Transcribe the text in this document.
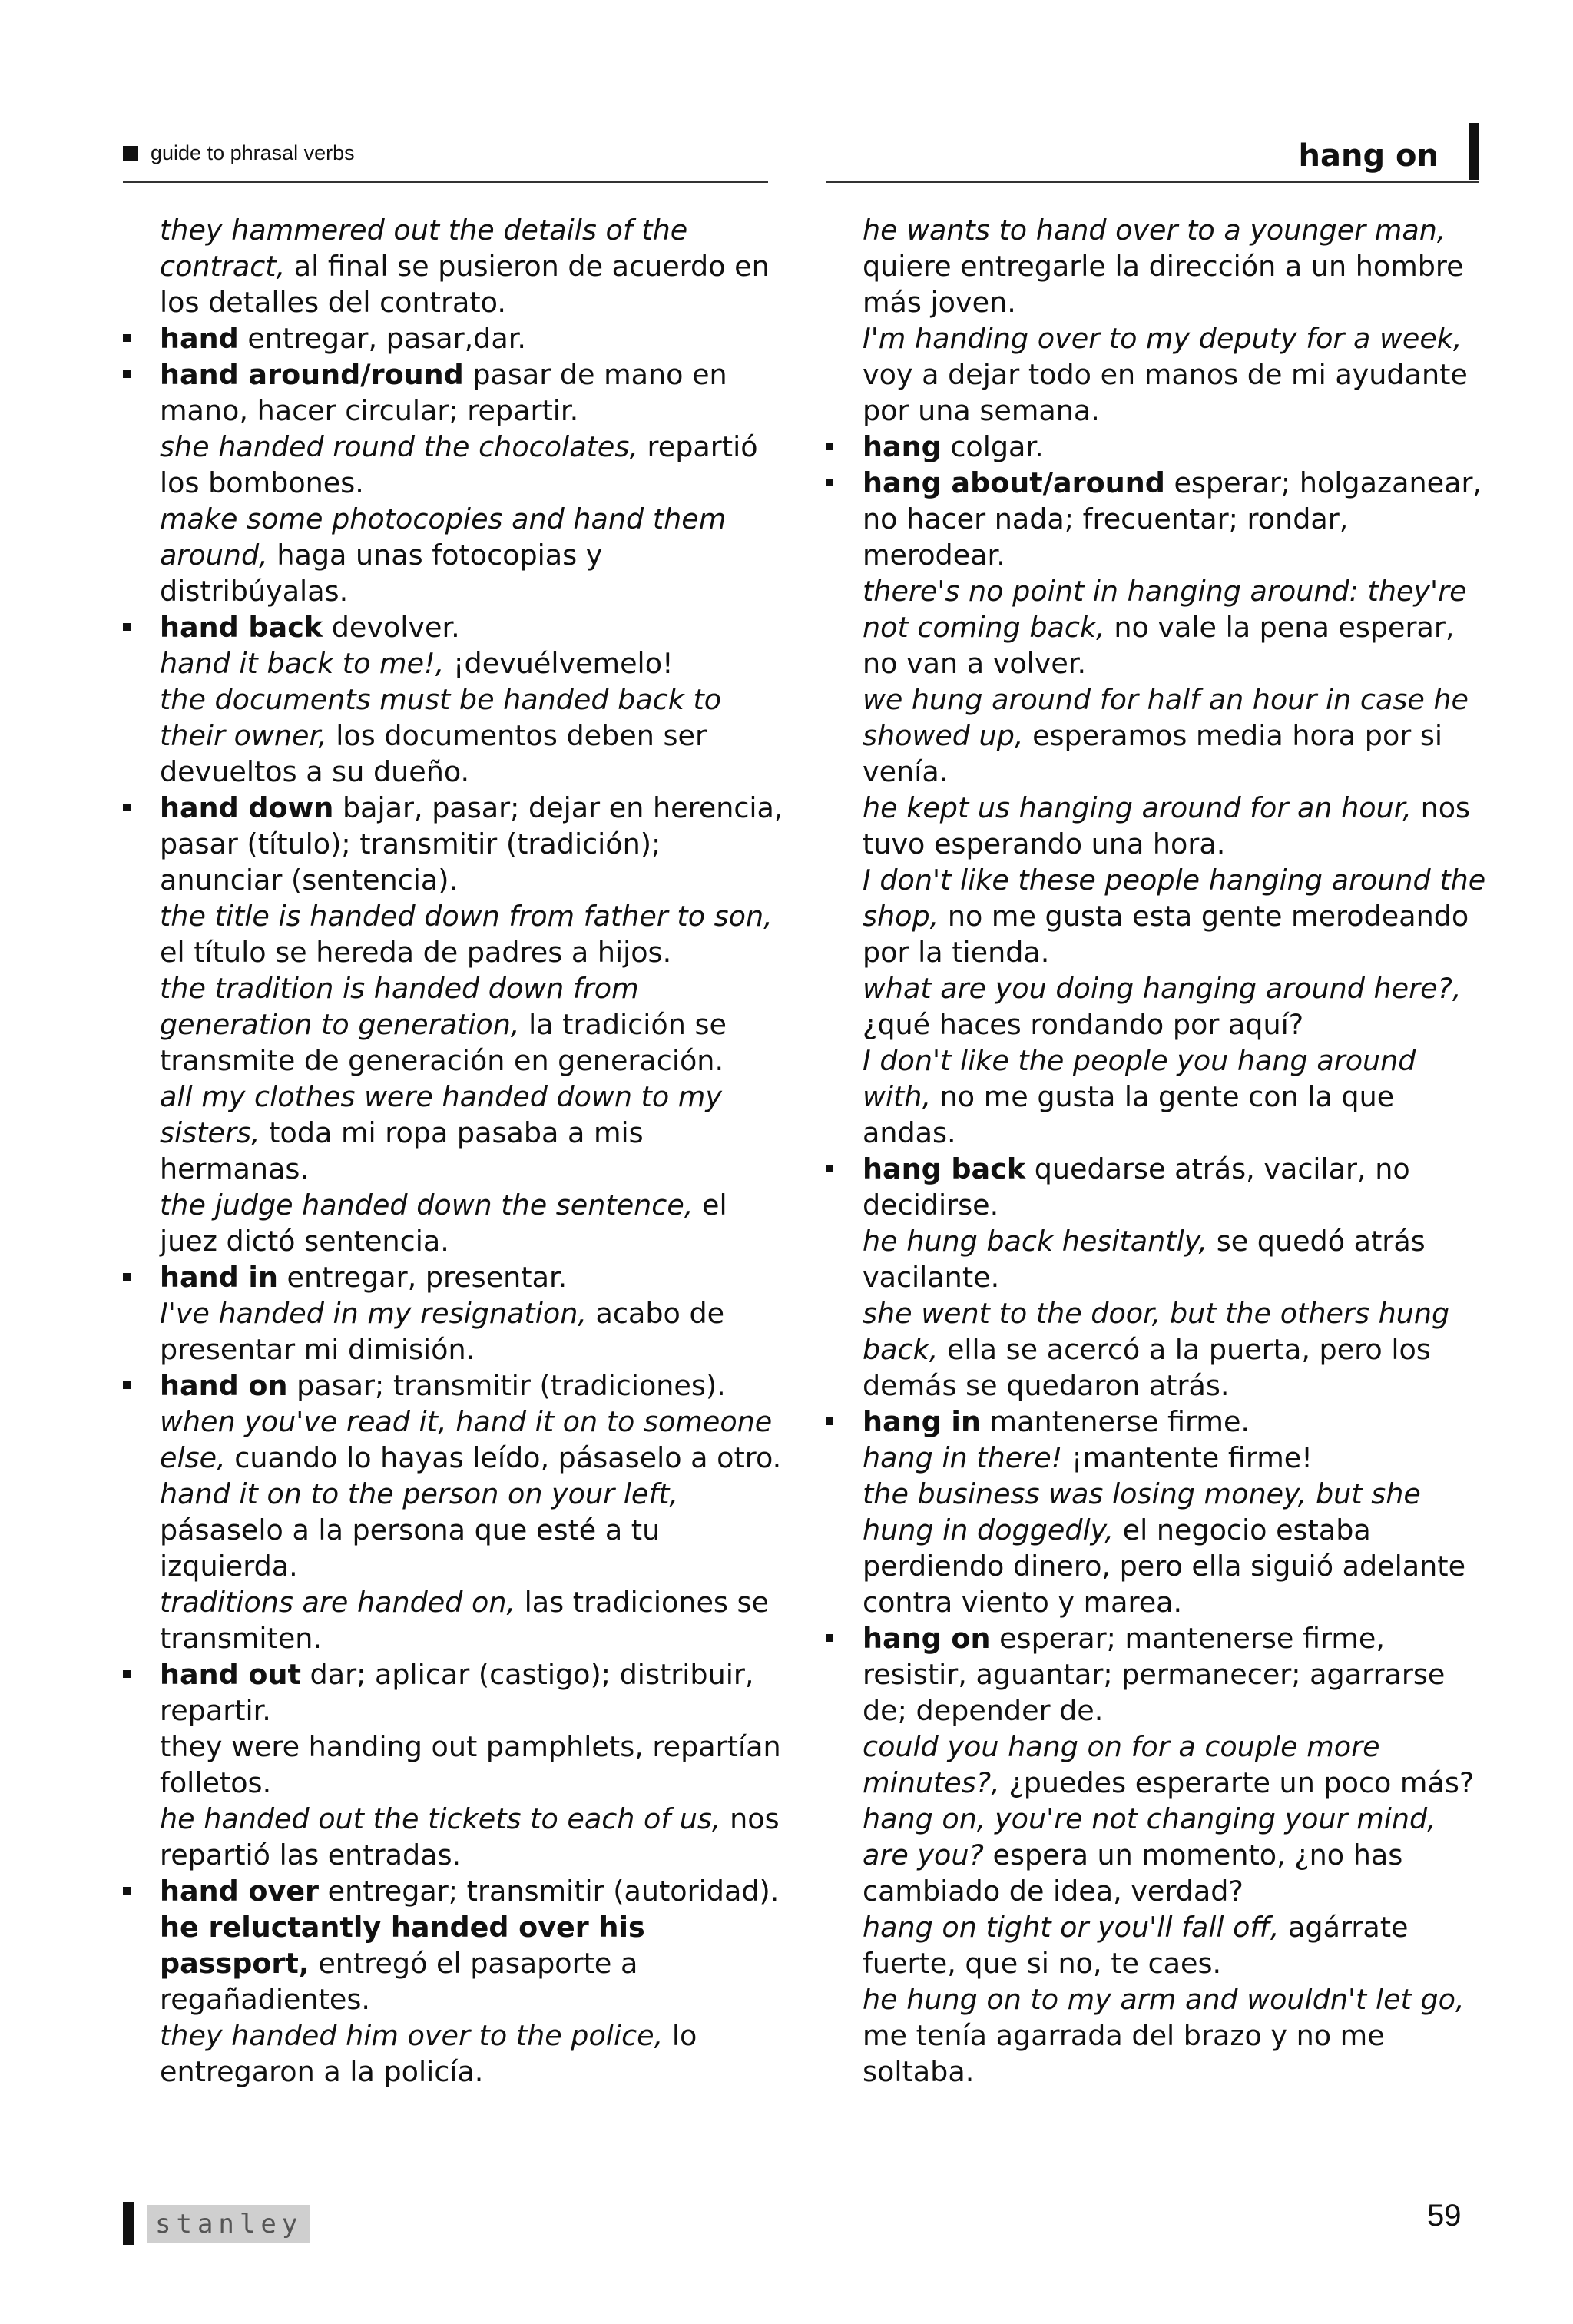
guide to phrasal verbs	hang on
they hammered out the details of the contract, al final se pusieron de acuerdo en los detalles del contrato.
hand entregar, pasar,dar.
hand around/round pasar de mano en mano, hacer circular; repartir.
she handed round the chocolates, repartió los bombones.
make some photocopies and hand them around, haga unas fotocopias y distribúyalas.
hand back devolver.
hand it back to me!, ¡devuélvemelo!
the documents must be handed back to their owner, los documentos deben ser devueltos a su dueño.
hand down bajar, pasar; dejar en herencia, pasar (título); transmitir (tradición); anunciar (sentencia).
the title is handed down from father to son, el título se hereda de padres a hijos.
the tradition is handed down from generation to generation, la tradición se transmite de generación en generación.
all my clothes were handed down to my sisters, toda mi ropa pasaba a mis hermanas.
the judge handed down the sentence, el juez dictó sentencia.
hand in entregar, presentar.
I've handed in my resignation, acabo de presentar mi dimisión.
hand on pasar; transmitir (tradiciones).
when you've read it, hand it on to someone else, cuando lo hayas leído, pásaselo a otro.
hand it on to the person on your left, pásaselo a la persona que esté a tu izquierda.
traditions are handed on, las tradiciones se transmiten.
hand out dar; aplicar (castigo); distribuir, repartir.
they were handing out pamphlets, repartían folletos.
he handed out the tickets to each of us, nos repartió las entradas.
hand over entregar; transmitir (autoridad).
he reluctantly handed over his passport, entregó el pasaporte a regañadientes.
they handed him over to the police, lo entregaron a la policía.
he wants to hand over to a younger man, quiere entregarle la dirección a un hombre más joven.
I'm handing over to my deputy for a week, voy a dejar todo en manos de mi ayudante por una semana.
hang colgar.
hang about/around esperar; holgazanear, no hacer nada; frecuentar; rondar, merodear.
there's no point in hanging around: they're not coming back, no vale la pena esperar, no van a volver.
we hung around for half an hour in case he showed up, esperamos media hora por si venía.
he kept us hanging around for an hour, nos tuvo esperando una hora.
I don't like these people hanging around the shop, no me gusta esta gente merodeando por la tienda.
what are you doing hanging around here?, ¿qué haces rondando por aquí?
I don't like the people you hang around with, no me gusta la gente con la que andas.
hang back quedarse atrás, vacilar, no decidirse.
he hung back hesitantly, se quedó atrás vacilante.
she went to the door, but the others hung back, ella se acercó a la puerta, pero los demás se quedaron atrás.
hang in mantenerse firme.
hang in there! ¡mantente firme!
the business was losing money, but she hung in doggedly, el negocio estaba perdiendo dinero, pero ella siguió adelante contra viento y marea.
hang on esperar; mantenerse firme, resistir, aguantar; permanecer; agarrarse de; depender de.
could you hang on for a couple more minutes?, ¿puedes esperarte un poco más?
hang on, you're not changing your mind, are you? espera un momento, ¿no has cambiado de idea, verdad?
hang on tight or you'll fall off, agárrate fuerte, que si no, te caes.
he hung on to my arm and wouldn't let go, me tenía agarrada del brazo y no me soltaba.
stanley	59
